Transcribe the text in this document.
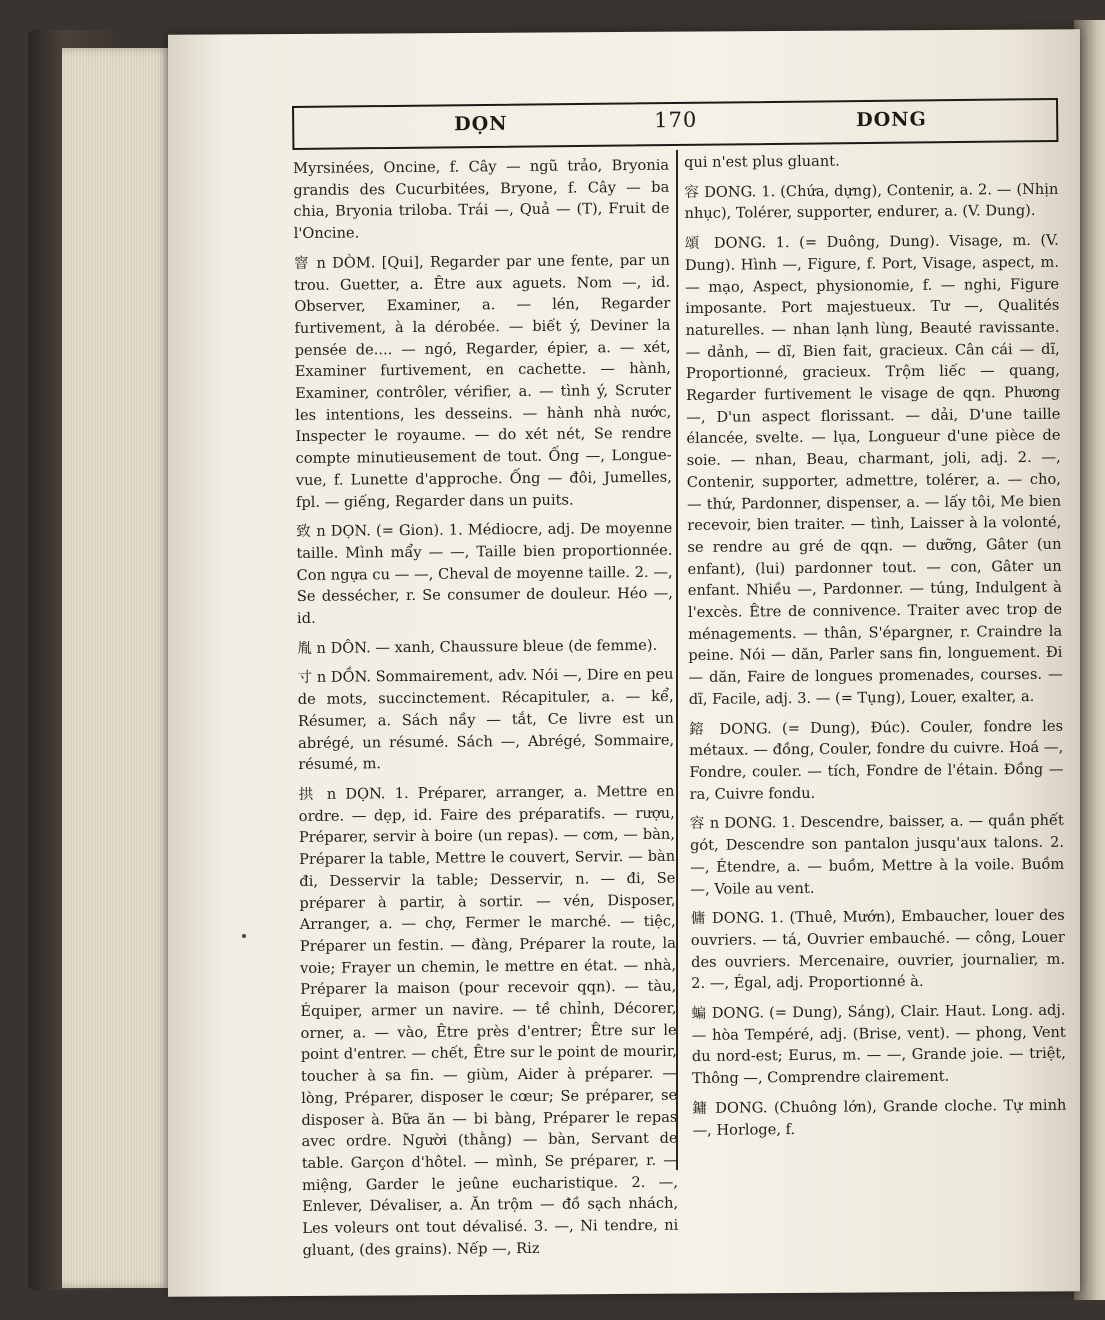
DỌN	170	DONG

Myrsinées, Oncine, f. Cây — ngũ trảo, Bryonia grandis des Cucurbitées, Bryone, f. Cây — ba chia, Bryonia triloba. Trái —, Quả — (T), Fruit de l'Oncine.

窨 n DÒM. [Qui], Regarder par une fente, par un trou. Guetter, a. Être aux aguets. Nom —, id. Observer, Examiner, a. — lén, Regarder furtivement, à la dérobée. — biết ý, Deviner la pensée de.... — ngó, Regarder, épier, a. — xét, Examiner furtivement, en cachette. — hành, Examiner, contrôler, vérifier, a. — tình ý, Scruter les intentions, les desseins. — hành nhà nước, Inspecter le royaume. — do xét nét, Se rendre compte minutieusement de tout. Ống —, Longue-vue, f. Lunette d'approche. Ống — đôi, Jumelles, fpl. — giếng, Regarder dans un puits.

致 n DỌN. (= Gion). 1. Médiocre, adj. De moyenne taille. Mình mẩy — —, Taille bien proportionnée. Con ngựa cu — —, Cheval de moyenne taille. 2. —, Se dessécher, r. Se consumer de douleur. Héo —, id.

胤 n DÔN. — xanh, Chaussure bleue (de femme).

寸 n DỒN. Sommairement, adv. Nói —, Dire en peu de mots, succinctement. Récapituler, a. — kể, Résumer, a. Sách nầy — tắt, Ce livre est un abrégé, un résumé. Sách —, Abrégé, Sommaire, résumé, m.

拱 n DỌN. 1. Préparer, arranger, a. Mettre en ordre. — dẹp, id. Faire des préparatifs. — rượu, Préparer, servir à boire (un repas). — cơm, — bàn, Préparer la table, Mettre le couvert, Servir. — bàn đi, Desservir la table; Desservir, n. — đi, Se préparer à partir, à sortir. — vén, Disposer, Arranger, a. — chợ, Fermer le marché. — tiệc, Préparer un festin. — đàng, Préparer la route, la voie; Frayer un chemin, le mettre en état. — nhà, Préparer la maison (pour recevoir qqn). — tàu, Équiper, armer un navire. — tề chỉnh, Décorer, orner, a. — vào, Être près d'entrer; Être sur le point d'entrer. — chết, Être sur le point de mourir, toucher à sa fin. — giùm, Aider à préparer. — lòng, Préparer, disposer le cœur; Se préparer, se disposer à. Bữa ăn — bi bàng, Préparer le repas avec ordre. Người (thằng) — bàn, Servant de table. Garçon d'hôtel. — mình, Se préparer, r. — miệng, Garder le jeûne eucharistique. 2. —, Enlever, Dévaliser, a. Ăn trộm — đồ sạch nhách, Les voleurs ont tout dévalisé. 3. —, Ni tendre, ni gluant, (des grains). Nếp —, Riz

qui n'est plus gluant.

容 DONG. 1. (Chứa, dựng), Contenir, a. 2. — (Nhịn nhục), Tolérer, supporter, endurer, a. (V. Dung).

頌 DONG. 1. (= Duông, Dung). Visage, m. (V. Dung). Hình —, Figure, f. Port, Visage, aspect, m. — mạo, Aspect, physionomie, f. — nghi, Figure imposante. Port majestueux. Tư —, Qualités naturelles. — nhan lạnh lùng, Beauté ravissante. — dảnh, — dĩ, Bien fait, gracieux. Cân cái — dĩ, Proportionné, gracieux. Trộm liếc — quang, Regarder furtivement le visage de qqn. Phương —, D'un aspect florissant. — dải, D'une taille élancée, svelte. — lụa, Longueur d'une pièce de soie. — nhan, Beau, charmant, joli, adj. 2. —, Contenir, supporter, admettre, tolérer, a. — cho, — thứ, Pardonner, dispenser, a. — lấy tôi, Me bien recevoir, bien traiter. — tình, Laisser à la volonté, se rendre au gré de qqn. — dưỡng, Gâter (un enfant), (lui) pardonner tout. — con, Gâter un enfant. Nhiều —, Pardonner. — túng, Indulgent à l'excès. Être de connivence. Traiter avec trop de ménagements. — thân, S'épargner, r. Craindre la peine. Nói — dăn, Parler sans fin, longuement. Đi — dăn, Faire de longues promenades, courses. — dĩ, Facile, adj. 3. — (= Tụng), Louer, exalter, a.

鎔 DONG. (= Dung), Đúc). Couler, fondre les métaux. — đồng, Couler, fondre du cuivre. Hoá —, Fondre, couler. — tích, Fondre de l'étain. Đồng — ra, Cuivre fondu.

容 n DONG. 1. Descendre, baisser, a. — quần phết gót, Descendre son pantalon jusqu'aux talons. 2. —, Étendre, a. — buồm, Mettre à la voile. Buồm —, Voile au vent.

傭 DONG. 1. (Thuê, Mướn), Embaucher, louer des ouvriers. — tá, Ouvrier embauché. — công, Louer des ouvriers. Mercenaire, ouvrier, journalier, m. 2. —, Égal, adj. Proportionné à.

蝙 DONG. (= Dung), Sáng), Clair. Haut. Long. adj. — hòa Tempéré, adj. (Brise, vent). — phong, Vent du nord-est; Eurus, m. — —, Grande joie. — triệt, Thông —, Comprendre clairement.

鏞 DONG. (Chuông lớn), Grande cloche. Tự minh —, Horloge, f.
